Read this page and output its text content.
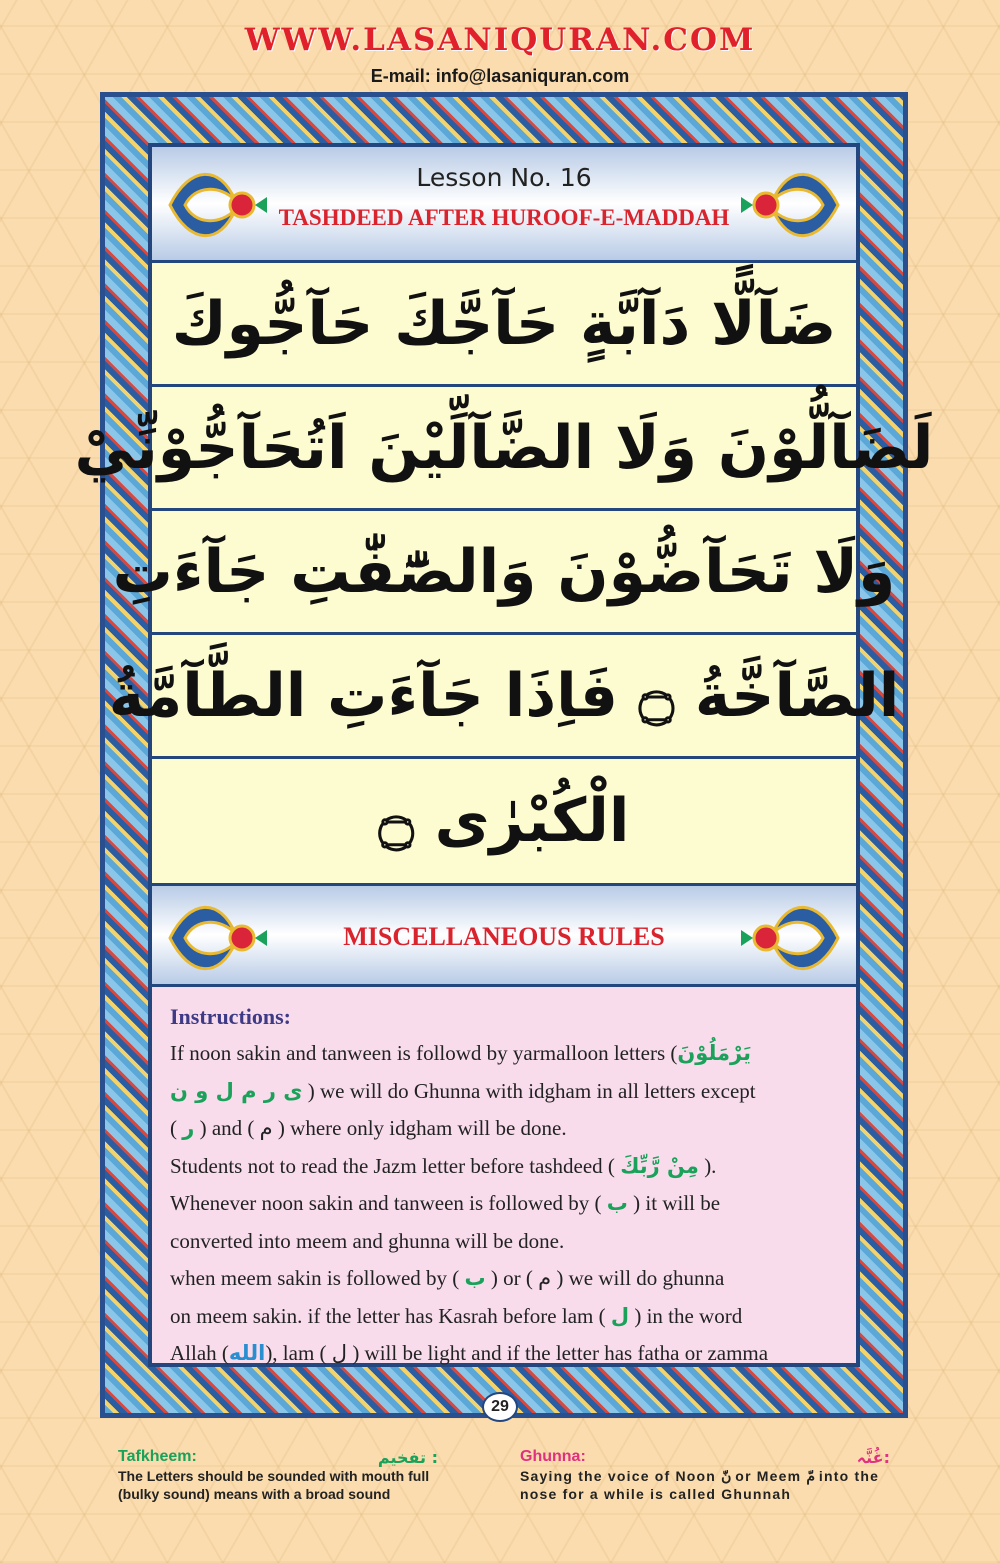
WWW.LASANIQURAN.COM
E-mail: info@lasaniquran.com
Lesson No. 16
TASHDEED AFTER HUROOF-E-MADDAH
ضَآلًّا دَآبَّةٍ حَآجَّكَ حَآجُّوكَ
لَضَآلُّوْنَ وَلَا الضَّآلِّيْنَ اَتُحَآجُّوْنِّيْ
وَلَا تَحَآضُّوْنَ وَالصّٰٓفّٰتِ جَآءَتِ
الصَّآخَّةُ ۝ فَاِذَا جَآءَتِ الطَّآمَّةُ
الْكُبْرٰى ۝
MISCELLANEOUS RULES
Instructions:
If noon sakin and tanween is followd by yarmalloon letters (يَرْمَلُوْنَ
ى ر م ل و ن ) we will do Ghunna with idgham in all letters except
( ر ) and ( م ) where only idgham will be done.
Students not to read the Jazm letter before tashdeed ( مِنْ رَّبِّكَ ).
Whenever noon sakin and tanween is followed by ( ب ) it will be
converted into meem and ghunna will be done.
when meem sakin is followed by ( ب ) or ( م ) we will do ghunna
on meem sakin. if the letter has Kasrah before lam ( ل ) in the word
Allah (الله), lam ( ل ) will be light and if the letter has fatha or zamma
29
Tafkheem:	تفخيم :
The Letters should be sounded with mouth full (bulky sound) means with a broad sound
Ghunna:	غُنَّہ:
Saying the voice of Noon نّ or Meem مّ into the nose for a while is called Ghunnah
